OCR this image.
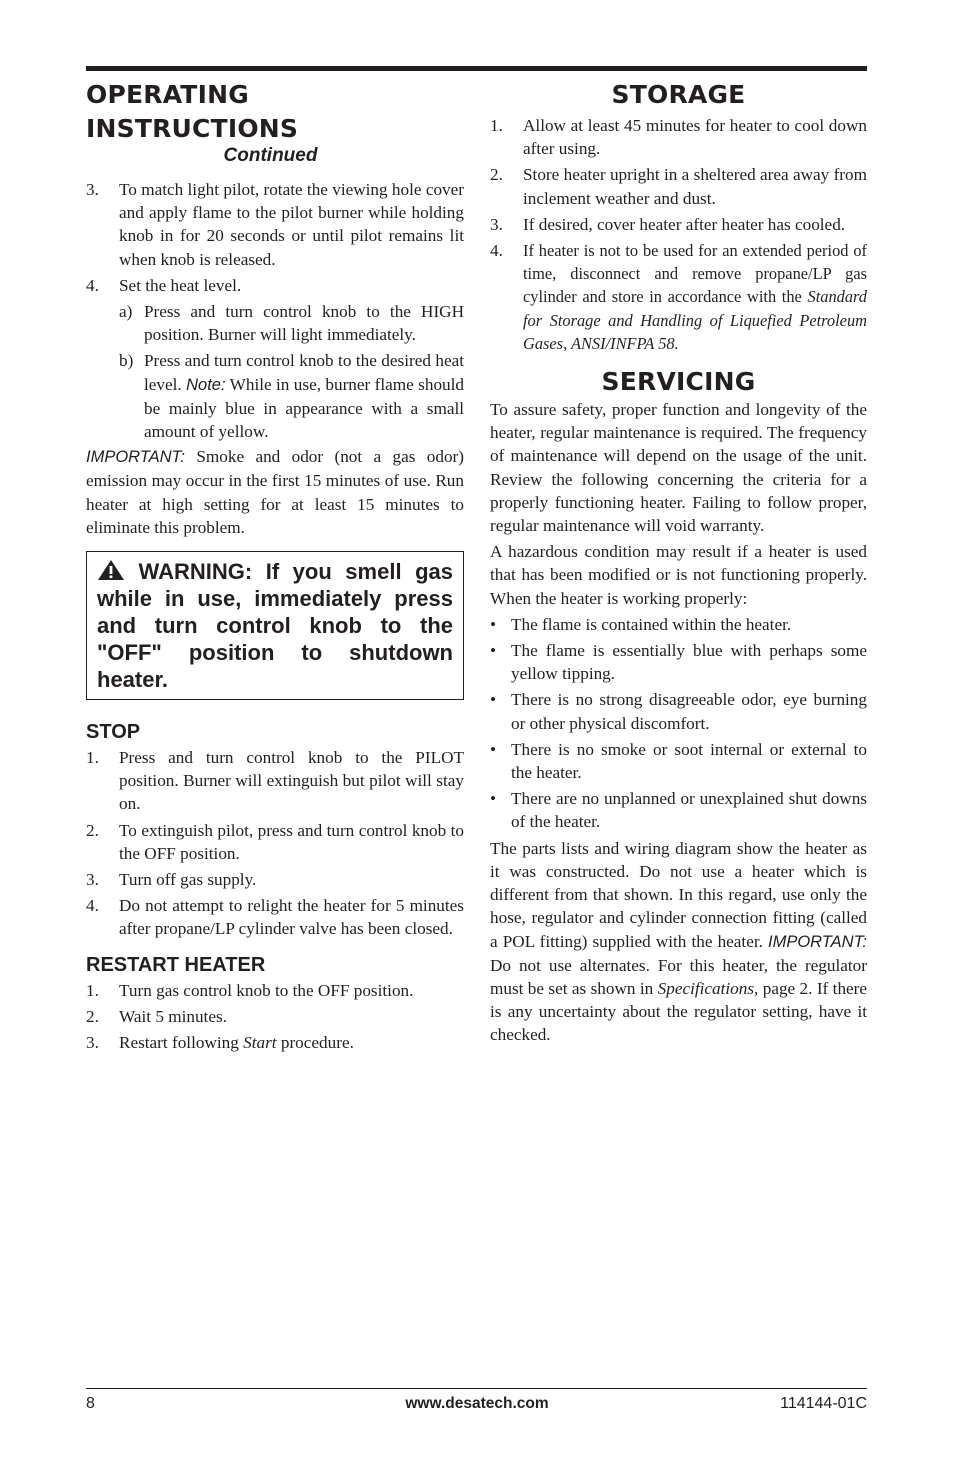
OPERATING INSTRUCTIONS
Continued
3.	To match light pilot, rotate the viewing hole cover and apply flame to the pilot burner while holding knob in for 20 seconds or until pilot remains lit when knob is released.
4.	Set the heat level.
a) Press and turn control knob to the HIGH position. Burner will light immediately.
b) Press and turn control knob to the desired heat level. Note: While in use, burner flame should be mainly blue in appearance with a small amount of yellow.

IMPORTANT: Smoke and odor (not a gas odor) emission may occur in the first 15 minutes of use. Run heater at high setting for at least 15 minutes to eliminate this problem.

WARNING: If you smell gas while in use, immediately press and turn control knob to the "OFF" position to shutdown heater.
STOP
1.	Press and turn control knob to the PILOT position. Burner will extinguish but pilot will stay on.
2.	To extinguish pilot, press and turn control knob to the OFF position.
3.	Turn off gas supply.
4.	Do not attempt to relight the heater for 5 minutes after propane/LP cylinder valve has been closed.
RESTART HEATER
1.	Turn gas control knob to the OFF position.
2.	Wait 5 minutes.
3.	Restart following Start procedure.
STORAGE
1.	Allow at least 45 minutes for heater to cool down after using.
2.	Store heater upright in a sheltered area away from inclement weather and dust.
3.	If desired, cover heater after heater has cooled.
4.	If heater is not to be used for an extended period of time, disconnect and remove propane/LP gas cylinder and store in accordance with the Standard for Storage and Handling of Liquefied Petroleum Gases, ANSI/INFPA 58.
SERVICING

To assure safety, proper function and longevity of the heater, regular maintenance is required. The frequency of maintenance will depend on the usage of the unit. Review the following concerning the criteria for a properly functioning heater. Failing to follow proper, regular maintenance will void warranty.

A hazardous condition may result if a heater is used that has been modified or is not functioning properly. When the heater is working properly:

• The flame is contained within the heater.
• The flame is essentially blue with perhaps some yellow tipping.
• There is no strong disagreeable odor, eye burning or other physical discomfort.
• There is no smoke or soot internal or external to the heater.
• There are no unplanned or unexplained shut downs of the heater.

The parts lists and wiring diagram show the heater as it was constructed. Do not use a heater which is different from that shown. In this regard, use only the hose, regulator and cylinder connection fitting (called a POL fitting) supplied with the heater. IMPORTANT: Do not use alternates. For this heater, the regulator must be set as shown in Specifications, page 2. If there is any uncertainty about the regulator setting, have it checked.

8	www.desatech.com	114144-01C
